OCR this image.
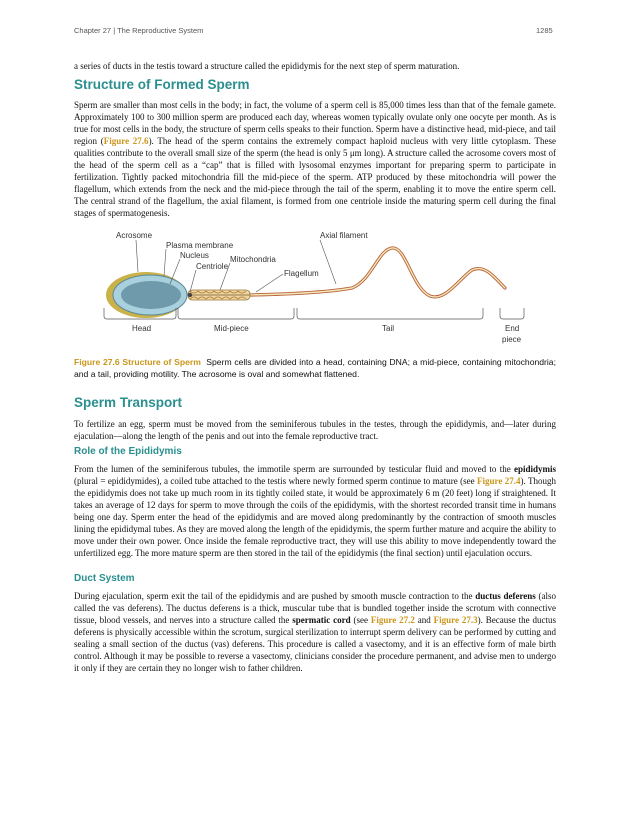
Chapter 27 | The Reproductive System	1285

a series of ducts in the testis toward a structure called the epididymis for the next step of sperm maturation.

Structure of Formed Sperm

Sperm are smaller than most cells in the body; in fact, the volume of a sperm cell is 85,000 times less than that of the female gamete. Approximately 100 to 300 million sperm are produced each day, whereas women typically ovulate only one oocyte per month. As is true for most cells in the body, the structure of sperm cells speaks to their function. Sperm have a distinctive head, mid-piece, and tail region (Figure 27.6). The head of the sperm contains the extremely compact haploid nucleus with very little cytoplasm. These qualities contribute to the overall small size of the sperm (the head is only 5 μm long). A structure called the acrosome covers most of the head of the sperm cell as a “cap” that is filled with lysosomal enzymes important for preparing sperm to participate in fertilization. Tightly packed mitochondria fill the mid-piece of the sperm. ATP produced by these mitochondria will power the flagellum, which extends from the neck and the mid-piece through the tail of the sperm, enabling it to move the entire sperm cell. The central strand of the flagellum, the axial filament, is formed from one centriole inside the maturing sperm cell during the final stages of spermatogenesis.

Acrosome
Plasma membrane
Nucleus
Centriole
Mitochondria
Flagellum
Axial filament
Head	Mid-piece	Tail	End
piece

Figure 27.6 Structure of Sperm Sperm cells are divided into a head, containing DNA; a mid-piece, containing mitochondria; and a tail, providing motility. The acrosome is oval and somewhat flattened.

Sperm Transport

To fertilize an egg, sperm must be moved from the seminiferous tubules in the testes, through the epididymis, and—later during ejaculation—along the length of the penis and out into the female reproductive tract.

Role of the Epididymis

From the lumen of the seminiferous tubules, the immotile sperm are surrounded by testicular fluid and moved to the epididymis (plural = epididymides), a coiled tube attached to the testis where newly formed sperm continue to mature (see Figure 27.4). Though the epididymis does not take up much room in its tightly coiled state, it would be approximately 6 m (20 feet) long if straightened. It takes an average of 12 days for sperm to move through the coils of the epididymis, with the shortest recorded transit time in humans being one day. Sperm enter the head of the epididymis and are moved along predominantly by the contraction of smooth muscles lining the epididymal tubes. As they are moved along the length of the epididymis, the sperm further mature and acquire the ability to move under their own power. Once inside the female reproductive tract, they will use this ability to move independently toward the unfertilized egg. The more mature sperm are then stored in the tail of the epididymis (the final section) until ejaculation occurs.

Duct System

During ejaculation, sperm exit the tail of the epididymis and are pushed by smooth muscle contraction to the ductus deferens (also called the vas deferens). The ductus deferens is a thick, muscular tube that is bundled together inside the scrotum with connective tissue, blood vessels, and nerves into a structure called the spermatic cord (see Figure 27.2 and Figure 27.3). Because the ductus deferens is physically accessible within the scrotum, surgical sterilization to interrupt sperm delivery can be performed by cutting and sealing a small section of the ductus (vas) deferens. This procedure is called a vasectomy, and it is an effective form of male birth control. Although it may be possible to reverse a vasectomy, clinicians consider the procedure permanent, and advise men to undergo it only if they are certain they no longer wish to father children.
